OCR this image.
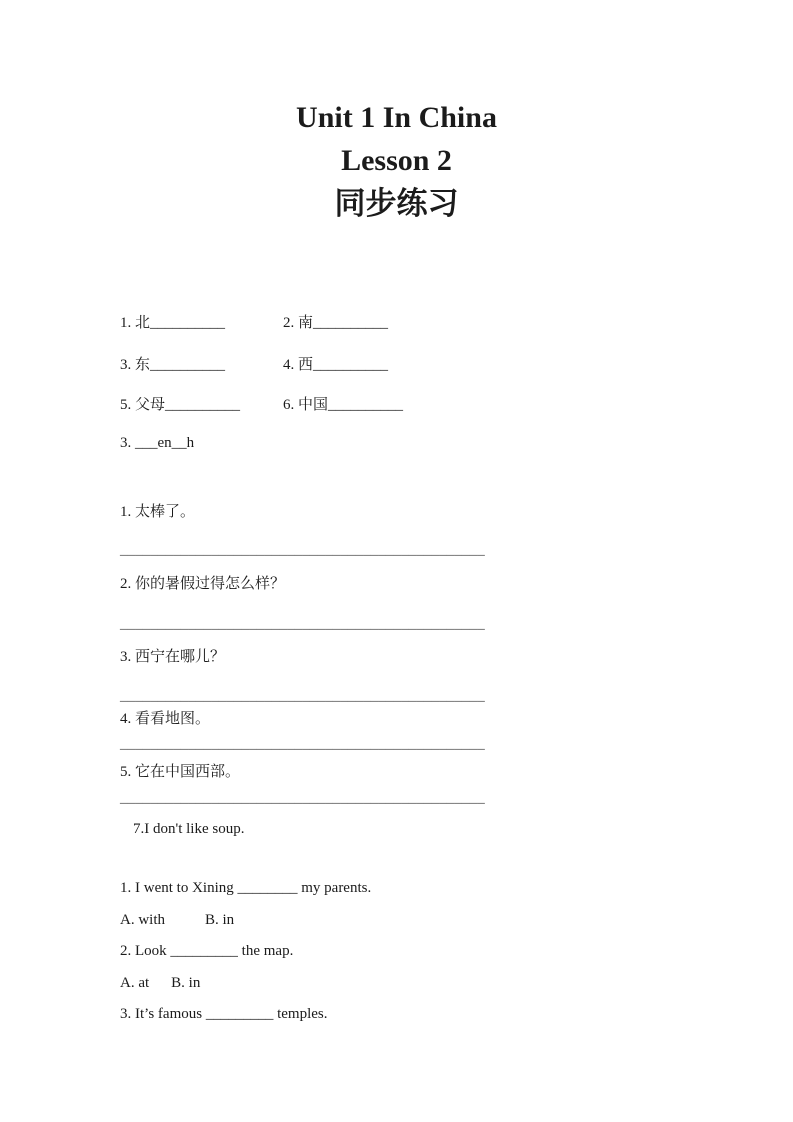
Unit 1 In China
Lesson 2
同步练习
1. 北__________	2. 南__________
3. 东__________	4. 西__________
5. 父母__________	6. 中国__________
3. ___en__h
1. 太棒了。
________________________________________________
2. 你的暑假过得怎么样？
________________________________________________
3. 西宁在哪儿？
________________________________________________
4. 看看地图。
________________________________________________
5. 它在中国西部。
________________________________________________
7.I don't like soup.
1. I went to Xining ________ my parents.
A. with	B. in
2. Look _________ the map.
A. at B. in
3. It’s famous _________ temples.
